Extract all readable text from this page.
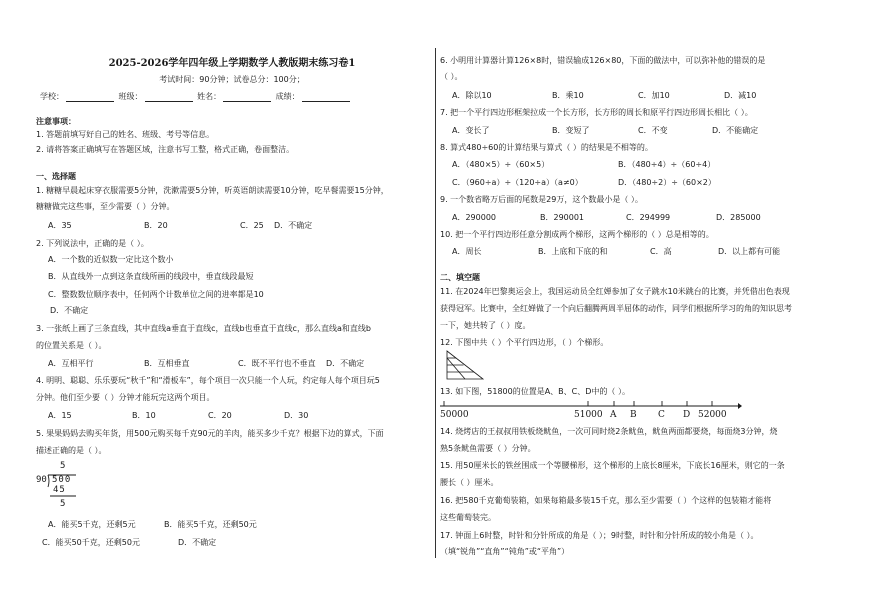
2025-2026学年四年级上学期数学人教版期末练习卷1
考试时间：90分钟；试卷总分：100分；
学校：	班级：	姓名：	成绩：
注意事项：
1. 答题前填写好自己的姓名、班级、考号等信息。
2. 请将答案正确填写在答题区域，注意书写工整，格式正确，卷面整洁。
一、选择题
1. 糖糖早晨起床穿衣服需要5分钟，洗漱需要5分钟，听英语朗读需要10分钟，吃早餐需要15分钟，
糖糖做完这些事，至少需要（ ）分钟。
A．35	B．20	C．25	D．不确定
2. 下列说法中，正确的是（ ）。
A．一个数的近似数一定比这个数小
B．从直线外一点到这条直线所画的线段中，垂直线段最短
C．整数数位顺序表中，任何两个计数单位之间的进率都是10
D．不确定
3. 一张纸上画了三条直线，其中直线a垂直于直线c，直线b也垂直于直线c，那么直线a和直线b
的位置关系是（ ）。
A．互相平行	B．互相垂直	C．既不平行也不垂直	D．不确定
4. 明明、聪聪、乐乐要玩“秋千”和“滑板车”，每个项目一次只能一个人玩，约定每人每个项目玩5
分钟。他们至少要（ ）分钟才能玩完这两个项目。
A．15	B．10	C．20	D．30
5. 果果妈妈去购买年货，用500元购买每千克90元的羊肉，能买多少千克？根据下边的算式，下面
描述正确的是（ ）。
5
90 500
45
5
A．能买5千克，还剩5元	B．能买5千克，还剩50元
C．能买50千克，还剩50元	D．不确定
6. 小明用计算器计算126×8时，错误输成126×80，下面的做法中，可以弥补他的错误的是
（ ）。
A．除以10	B．乘10	C．加10	D．减10
7. 把一个平行四边形框架拉成一个长方形，长方形的周长和原平行四边形周长相比（ ）。
A．变长了	B．变短了	C．不变	D．不能确定
8. 算式480÷60的计算结果与算式（ ）的结果是不相等的。
A．（480×5）÷（60×5）	B．（480÷4）÷（60÷4）
C．（960÷a）÷（120÷a）（a≠0）	D．（480÷2）÷（60×2）
9. 一个数省略万后面的尾数是29万，这个数最小是（ ）。
A．290000	B．290001	C．294999	D．285000
10. 把一个平行四边形任意分割成两个梯形，这两个梯形的（ ）总是相等的。
A．周长	B．上底和下底的和	C．高	D．以上都有可能
二、填空题
11. 在2024年巴黎奥运会上，我国运动员全红婵参加了女子跳水10米跳台的比赛，并凭借出色表现
获得冠军。比赛中，全红婵做了一个向后翻腾两周半屈体的动作，同学们根据所学习的角的知识思考
一下，她共转了（ ）度。
12. 下图中共（ ）个平行四边形，（ ）个梯形。
13. 如下图，51800的位置是A、B、C、D中的（ ）。
50000	51000 A B C D 52000
14. 烧烤店的王叔叔用铁板烧鱿鱼，一次可同时烧2条鱿鱼，鱿鱼两面都要烧，每面烧3分钟，烧
熟5条鱿鱼需要（ ）分钟。
15. 用50厘米长的铁丝围成一个等腰梯形，这个梯形的上底长8厘米，下底长16厘米，则它的一条
腰长（ ）厘米。
16. 把580千克葡萄装箱，如果每箱最多装15千克，那么至少需要（ ）个这样的包装箱才能将
这些葡萄装完。
17. 钟面上6时整，时针和分针所成的角是（ ）；9时整，时针和分针所成的较小角是（ ）。
（填“锐角”“直角”“钝角”或“平角”）
